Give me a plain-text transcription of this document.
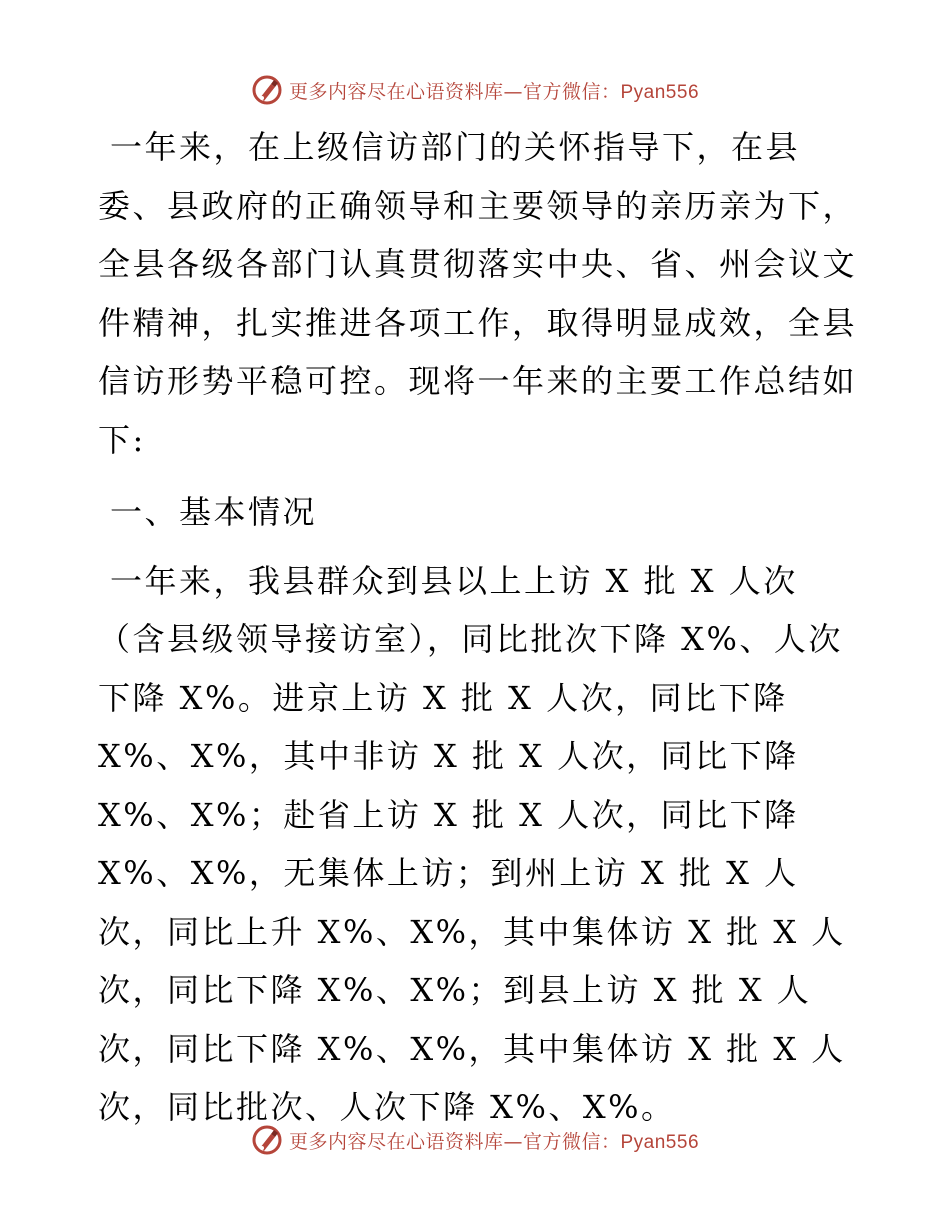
更多内容尽在心语资料库—官方微信：Pyan556

一年来，在上级信访部门的关怀指导下，在县委、县政府的正确领导和主要领导的亲历亲为下，全县各级各部门认真贯彻落实中央、省、州会议文件精神，扎实推进各项工作，取得明显成效，全县信访形势平稳可控。现将一年来的主要工作总结如下:

一、基本情况

一年来，我县群众到县以上上访 X 批 X 人次（含县级领导接访室），同比批次下降 X%、人次下降 X%。进京上访 X 批 X 人次，同比下降 X%、X%，其中非访 X 批 X 人次，同比下降 X%、X%；赴省上访 X 批 X 人次，同比下降 X%、X%，无集体上访；到州上访 X 批 X 人次，同比上升 X%、X%，其中集体访 X 批 X 人次，同比下降 X%、X%；到县上访 X 批 X 人次，同比下降 X%、X%，其中集体访 X 批 X 人次，同比批次、人次下降 X%、X%。

更多内容尽在心语资料库—官方微信：Pyan556
